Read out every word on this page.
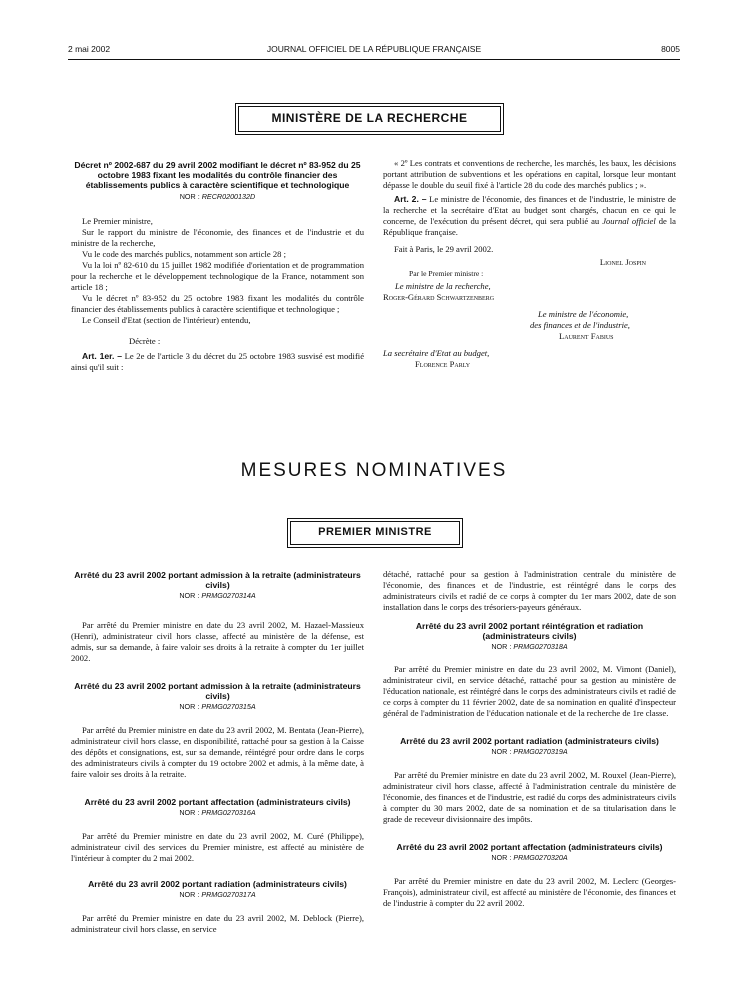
2 mai 2002	JOURNAL OFFICIEL DE LA RÉPUBLIQUE FRANÇAISE	8005
MINISTÈRE DE LA RECHERCHE

Décret nº 2002-687 du 29 avril 2002 modifiant le décret nº 83-952 du 25 octobre 1983 fixant les modalités du contrôle financier des établissements publics à caractère scientifique et technologique

NOR : RECR0200132D

Le Premier ministre,

Sur le rapport du ministre de l'économie, des finances et de l'industrie et du ministre de la recherche,

Vu le code des marchés publics, notamment son article 28 ;

Vu la loi nº 82-610 du 15 juillet 1982 modifiée d'orientation et de programmation pour la recherche et le développement technologique de la France, notamment son article 18 ;

Vu le décret nº 83-952 du 25 octobre 1983 fixant les modalités du contrôle financier des établissements publics à caractère scientifique et technologique ;

Le Conseil d'Etat (section de l'intérieur) entendu,

Décrète :

Art. 1er. – Le 2e de l'article 3 du décret du 25 octobre 1983 susvisé est modifié ainsi qu'il suit :

« 2º Les contrats et conventions de recherche, les marchés, les baux, les décisions portant attribution de subventions et les opérations en capital, lorsque leur montant dépasse le double du seuil fixé à l'article 28 du code des marchés publics ; ».

Art. 2. – Le ministre de l'économie, des finances et de l'industrie, le ministre de la recherche et la secrétaire d'Etat au budget sont chargés, chacun en ce qui le concerne, de l'exécution du présent décret, qui sera publié au Journal officiel de la République française.

Fait à Paris, le 29 avril 2002.

Lionel Jospin

Par le Premier ministre :

Le ministre de la recherche,

Roger-Gérard Schwartzenberg

Le ministre de l'économie,

des finances et de l'industrie,

Laurent Fabius

La secrétaire d'Etat au budget,

Florence Parly

MESURES NOMINATIVES
PREMIER MINISTRE

Arrêté du 23 avril 2002 portant admission à la retraite (administrateurs civils)

NOR : PRMG0270314A

Par arrêté du Premier ministre en date du 23 avril 2002, M. Hazael-Massieux (Henri), administrateur civil hors classe, affecté au ministère de la défense, est admis, sur sa demande, à faire valoir ses droits à la retraite à compter du 1er juillet 2002.

Arrêté du 23 avril 2002 portant admission à la retraite (administrateurs civils)

NOR : PRMG0270315A

Par arrêté du Premier ministre en date du 23 avril 2002, M. Bentata (Jean-Pierre), administrateur civil hors classe, en disponibilité, rattaché pour sa gestion à la Caisse des dépôts et consignations, est, sur sa demande, réintégré pour ordre dans le corps des administrateurs civils à compter du 19 octobre 2002 et admis, à la même date, à faire valoir ses droits à la retraite.

Arrêté du 23 avril 2002 portant affectation (administrateurs civils)

NOR : PRMG0270316A

Par arrêté du Premier ministre en date du 23 avril 2002, M. Curé (Philippe), administrateur civil des services du Premier ministre, est affecté au ministère de l'intérieur à compter du 2 mai 2002.

Arrêté du 23 avril 2002 portant radiation (administrateurs civils)

NOR : PRMG0270317A

Par arrêté du Premier ministre en date du 23 avril 2002, M. Deblock (Pierre), administrateur civil hors classe, en service

détaché, rattaché pour sa gestion à l'administration centrale du ministère de l'économie, des finances et de l'industrie, est réintégré dans le corps des administrateurs civils et radié de ce corps à compter du 1er mars 2002, date de son installation dans le corps des trésoriers-payeurs généraux.

Arrêté du 23 avril 2002 portant réintégration et radiation (administrateurs civils)

NOR : PRMG0270318A

Par arrêté du Premier ministre en date du 23 avril 2002, M. Vimont (Daniel), administrateur civil, en service détaché, rattaché pour sa gestion au ministère de l'éducation nationale, est réintégré dans le corps des administrateurs civils et radié de ce corps à compter du 11 février 2002, date de sa nomination en qualité d'inspecteur général de l'administration de l'éducation nationale et de la recherche de 1re classe.

Arrêté du 23 avril 2002 portant radiation (administrateurs civils)

NOR : PRMG0270319A

Par arrêté du Premier ministre en date du 23 avril 2002, M. Rouxel (Jean-Pierre), administrateur civil hors classe, affecté à l'administration centrale du ministère de l'économie, des finances et de l'industrie, est radié du corps des administrateurs civils à compter du 30 mars 2002, date de sa nomination et de sa titularisation dans le grade de receveur divisionnaire des impôts.

Arrêté du 23 avril 2002 portant affectation (administrateurs civils)

NOR : PRMG0270320A

Par arrêté du Premier ministre en date du 23 avril 2002, M. Leclerc (Georges-François), administrateur civil, est affecté au ministère de l'économie, des finances et de l'industrie à compter du 22 avril 2002.
